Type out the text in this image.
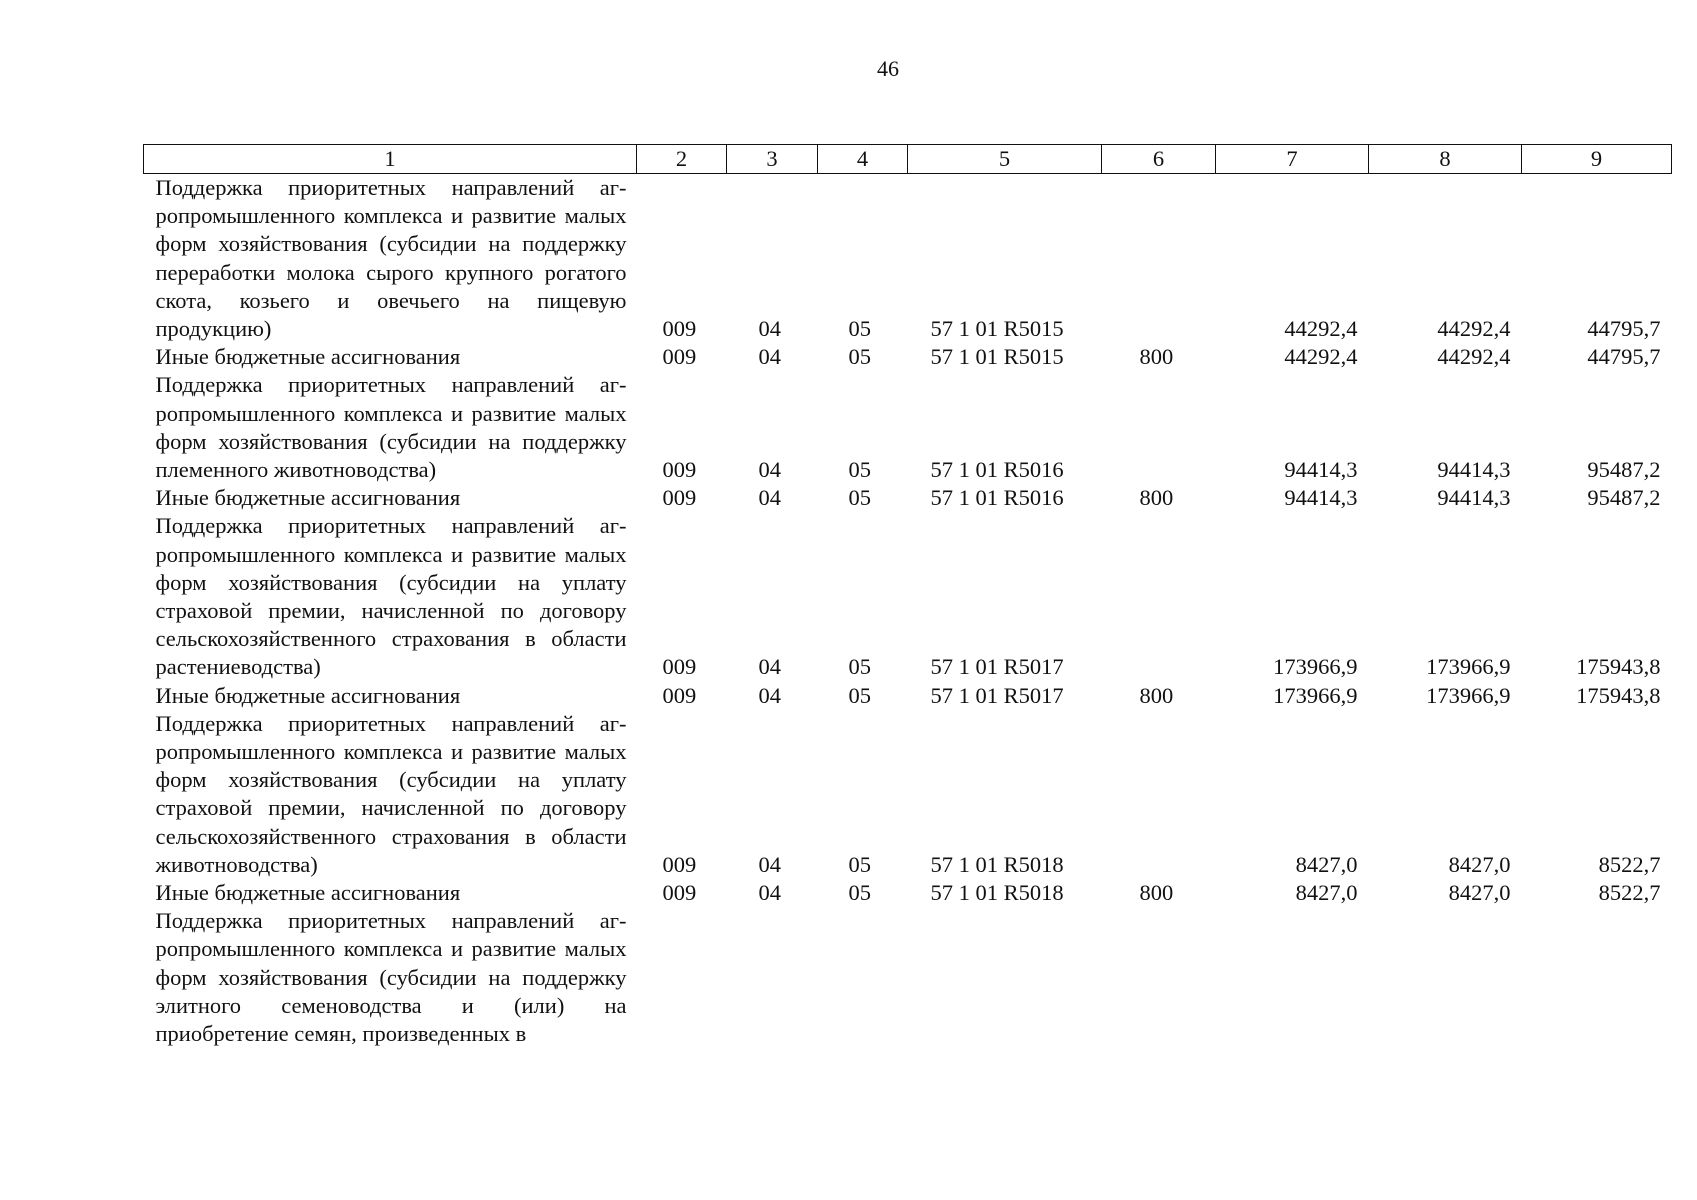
46
1	2	3	4	5	6	7	8	9
Поддержка приоритетных направлений агропромышленного комплекса и развитие малых форм хозяйствования (субсидии на поддержку переработки молока сырого крупного рогатого скота, козьего и овечьего на пищевую продукцию)	009	04	05	57 1 01 R5015		44292,4	44292,4	44795,7
Иные бюджетные ассигнования	009	04	05	57 1 01 R5015	800	44292,4	44292,4	44795,7
Поддержка приоритетных направлений агропромышленного комплекса и развитие малых форм хозяйствования (субсидии на поддержку племенного животноводства)	009	04	05	57 1 01 R5016		94414,3	94414,3	95487,2
Иные бюджетные ассигнования	009	04	05	57 1 01 R5016	800	94414,3	94414,3	95487,2
Поддержка приоритетных направлений агропромышленного комплекса и развитие малых форм хозяйствования (субсидии на уплату страховой премии, начисленной по договору сельскохозяйственного страхования в области растениеводства)	009	04	05	57 1 01 R5017		173966,9	173966,9	175943,8
Иные бюджетные ассигнования	009	04	05	57 1 01 R5017	800	173966,9	173966,9	175943,8
Поддержка приоритетных направлений агропромышленного комплекса и развитие малых форм хозяйствования (субсидии на уплату страховой премии, начисленной по договору сельскохозяйственного страхования в области животноводства)	009	04	05	57 1 01 R5018		8427,0	8427,0	8522,7
Иные бюджетные ассигнования	009	04	05	57 1 01 R5018	800	8427,0	8427,0	8522,7
Поддержка приоритетных направлений агропромышленного комплекса и развитие малых форм хозяйствования (субсидии на поддержку элитного семеноводства и (или) на приобретение семян, произведенных в								
